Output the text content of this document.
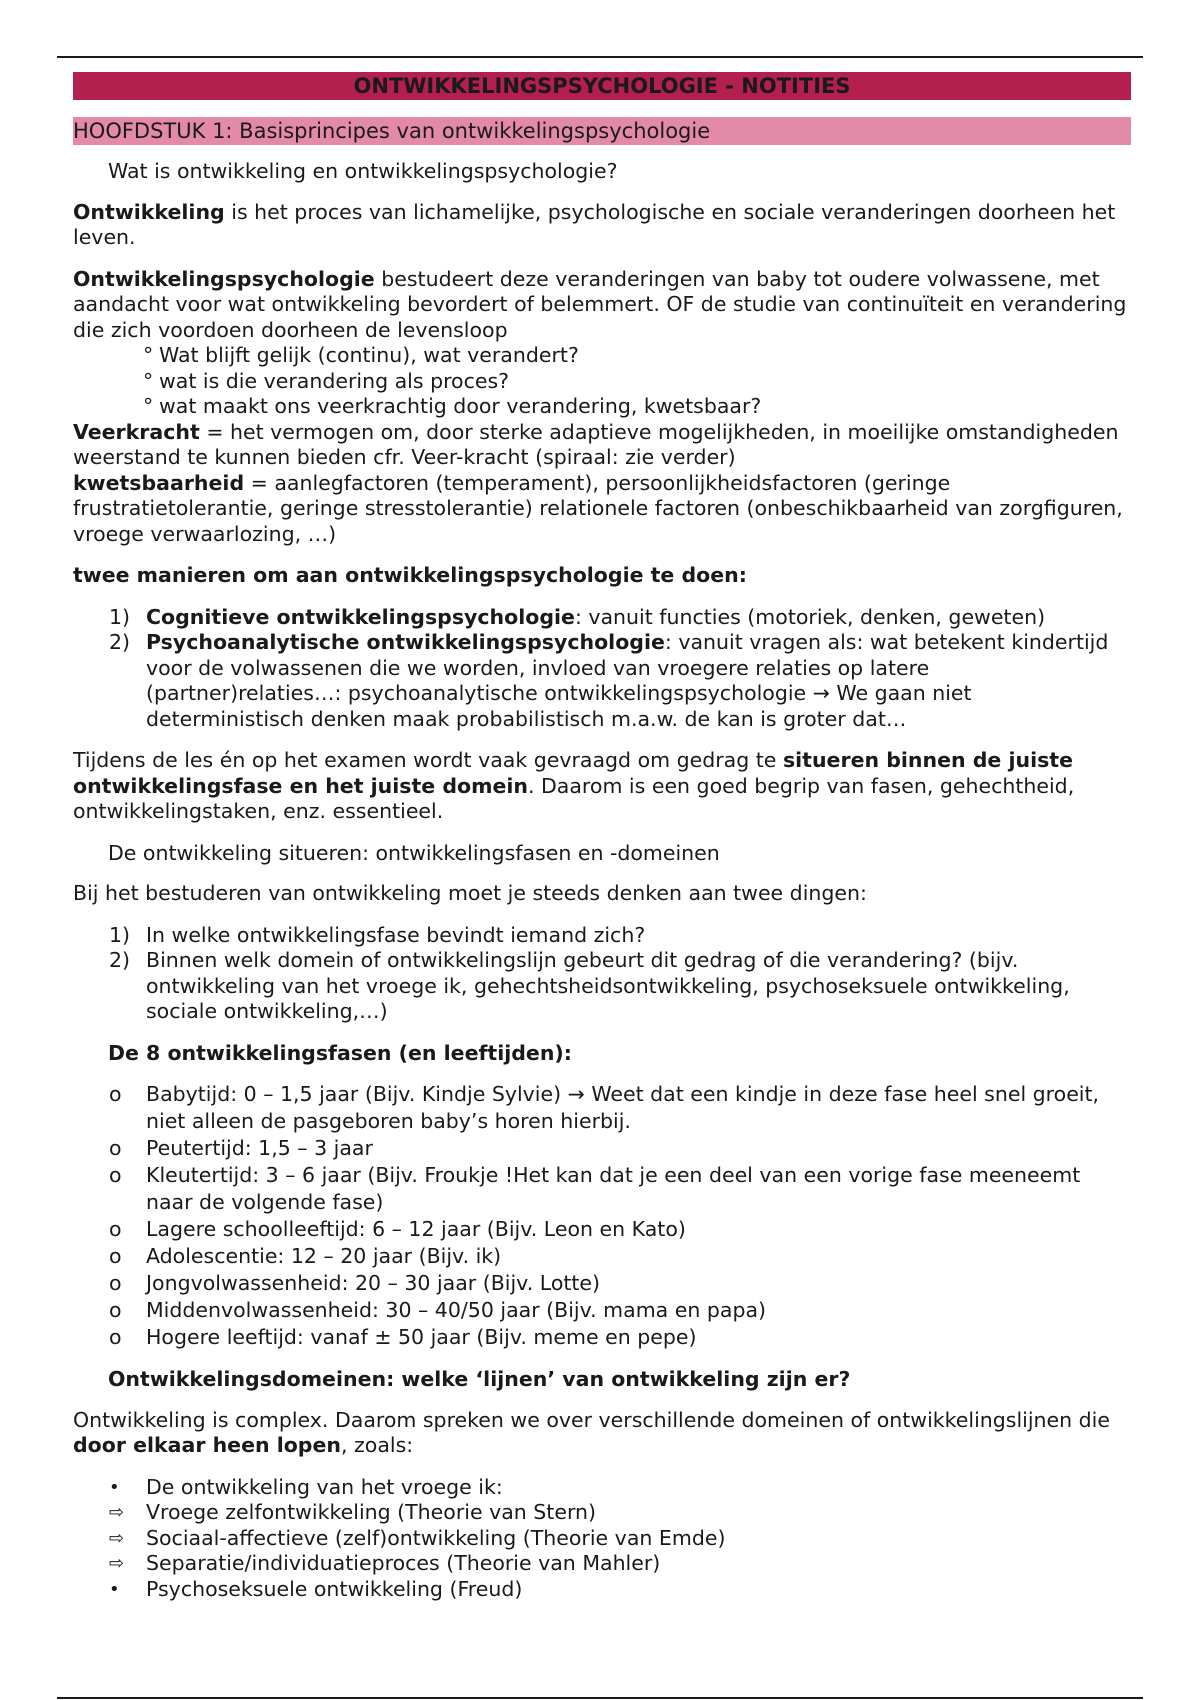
ONTWIKKELINGSPSYCHOLOGIE - NOTITIES
HOOFDSTUK 1: Basisprincipes van ontwikkelingspsychologie

Wat is ontwikkeling en ontwikkelingspsychologie?

Ontwikkeling is het proces van lichamelijke, psychologische en sociale veranderingen doorheen het leven.

Ontwikkelingspsychologie bestudeert deze veranderingen van baby tot oudere volwassene, met aandacht voor wat ontwikkeling bevordert of belemmert. OF de studie van continuïteit en verandering die zich voordoen doorheen de levensloop

° Wat blijft gelijk (continu), wat verandert?

° wat is die verandering als proces?

° wat maakt ons veerkrachtig door verandering, kwetsbaar?

Veerkracht = het vermogen om, door sterke adaptieve mogelijkheden, in moeilijke omstandigheden weerstand te kunnen bieden cfr. Veer-kracht (spiraal: zie verder)

kwetsbaarheid = aanlegfactoren (temperament), persoonlijkheidsfactoren (geringe frustratietolerantie, geringe stresstolerantie) relationele factoren (onbeschikbaarheid van zorgfiguren, vroege verwaarlozing, …)

twee manieren om aan ontwikkelingspsychologie te doen:

1) Cognitieve ontwikkelingspsychologie: vanuit functies (motoriek, denken, geweten)
2) Psychoanalytische ontwikkelingspsychologie: vanuit vragen als: wat betekent kindertijd voor de volwassenen die we worden, invloed van vroegere relaties op latere (partner)relaties…: psychoanalytische ontwikkelingspsychologie → We gaan niet deterministisch denken maak probabilistisch m.a.w. de kan is groter dat…

Tijdens de les én op het examen wordt vaak gevraagd om gedrag te situeren binnen de juiste ontwikkelingsfase en het juiste domein. Daarom is een goed begrip van fasen, gehechtheid, ontwikkelingstaken, enz. essentieel.

De ontwikkeling situeren: ontwikkelingsfasen en -domeinen

Bij het bestuderen van ontwikkeling moet je steeds denken aan twee dingen:

1) In welke ontwikkelingsfase bevindt iemand zich?
2) Binnen welk domein of ontwikkelingslijn gebeurt dit gedrag of die verandering? (bijv. ontwikkeling van het vroege ik, gehechtsheidsontwikkeling, psychoseksuele ontwikkeling, sociale ontwikkeling,…)

De 8 ontwikkelingsfasen (en leeftijden):

o Babytijd: 0 – 1,5 jaar (Bijv. Kindje Sylvie) → Weet dat een kindje in deze fase heel snel groeit, niet alleen de pasgeboren baby’s horen hierbij.
o Peutertijd: 1,5 – 3 jaar
o Kleutertijd: 3 – 6 jaar (Bijv. Froukje !Het kan dat je een deel van een vorige fase meeneemt naar de volgende fase)
o Lagere schoolleeftijd: 6 – 12 jaar (Bijv. Leon en Kato)
o Adolescentie: 12 – 20 jaar (Bijv. ik)
o Jongvolwassenheid: 20 – 30 jaar (Bijv. Lotte)
o Middenvolwassenheid: 30 – 40/50 jaar (Bijv. mama en papa)
o Hogere leeftijd: vanaf ± 50 jaar (Bijv. meme en pepe)

Ontwikkelingsdomeinen: welke ‘lijnen’ van ontwikkeling zijn er?

Ontwikkeling is complex. Daarom spreken we over verschillende domeinen of ontwikkelingslijnen die door elkaar heen lopen, zoals:

• De ontwikkeling van het vroege ik:
⇨ Vroege zelfontwikkeling (Theorie van Stern)
⇨ Sociaal-affectieve (zelf)ontwikkeling (Theorie van Emde)
⇨ Separatie/individuatieproces (Theorie van Mahler)
• Psychoseksuele ontwikkeling (Freud)
